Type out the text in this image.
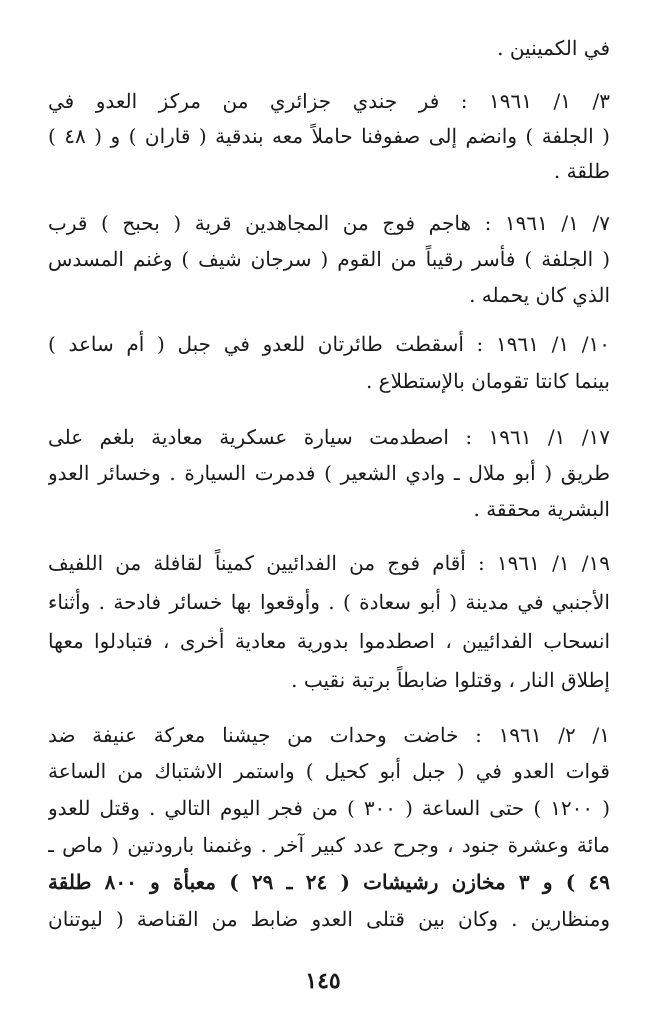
في الكمينين .
٣/ ١/ ١٩٦١ : فر جندي جزائري من مركز العدو في
( الجلفة ) وانضم إلى صفوفنا حاملاً معه بندقية ( قاران ) و ( ٤٨ )
طلقة .
٧/ ١/ ١٩٦١ : هاجم فوج من المجاهدين قرية ( بحبح ) قرب
( الجلفة ) فأسر رقيباً من القوم ( سرجان شيف ) وغنم المسدس
الذي كان يحمله .
١٠/ ١/ ١٩٦١ : أسقطت طائرتان للعدو في جبل ( أم ساعد )
بينما كانتا تقومان بالإستطلاع .
١٧/ ١/ ١٩٦١ : اصطدمت سيارة عسكرية معادية بلغم على
طريق ( أبو ملال ـ وادي الشعير ) فدمرت السيارة . وخسائر العدو
البشرية محققة .
١٩/ ١/ ١٩٦١ : أقام فوج من الفدائيين كميناً لقافلة من اللفيف
الأجنبي في مدينة ( أبو سعادة ) . وأوقعوا بها خسائر فادحة . وأثناء
انسحاب الفدائيين ، اصطدموا بدورية معادية أخرى ، فتبادلوا معها
إطلاق النار ، وقتلوا ضابطاً برتبة نقيب .
١/ ٢/ ١٩٦١ : خاضت وحدات من جيشنا معركة عنيفة ضد
قوات العدو في ( جبل أبو كحيل ) واستمر الاشتباك من الساعة
( ١٢٠٠ ) حتى الساعة ( ٣٠٠ ) من فجر اليوم التالي . وقتل للعدو
مائة وعشرة جنود ، وجرح عدد كبير آخر . وغنمنا بارودتين ( ماص ـ
٤٩ ) و ٣ مخازن رشيشات ( ٢٤ ـ ٢٩ ) معبأة و ٨٠٠ طلقة
ومنظارين . وكان بين قتلى العدو ضابط من القناصة ( ليوتنان
١٤٥
